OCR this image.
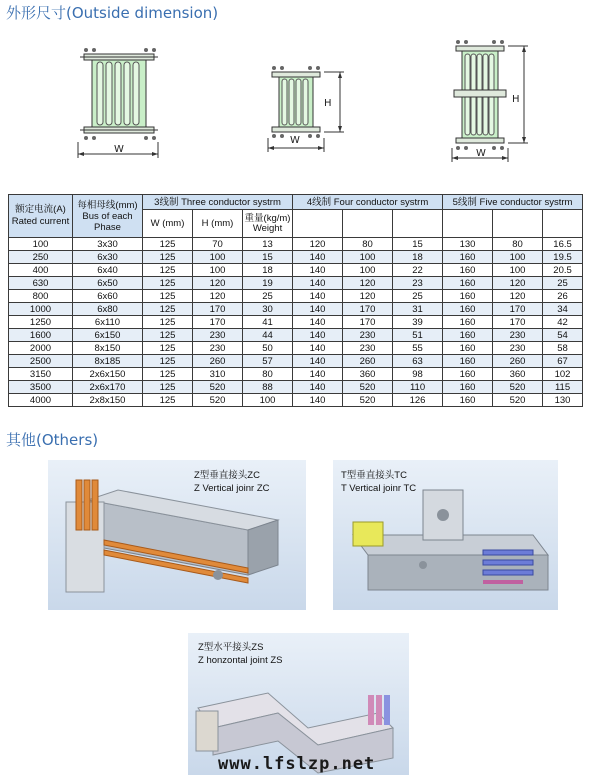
外形尺寸(Outside dimension)
W
H
W
H
W
额定电流(A)
Rated current	每相母线(mm)
Bus of each Phase	3线制 Three conductor systrm			4线制 Four conductor systrm			5线制 Five conductor systrm		
		W (mm)	H (mm)	重量(kg/m) Weight						
100	3x30	125	70	13	120	80	15	130	80	16.5
250	6x30	125	100	15	140	100	18	160	100	19.5
400	6x40	125	100	18	140	100	22	160	100	20.5
630	6x50	125	120	19	140	120	23	160	120	25
800	6x60	125	120	25	140	120	25	160	120	26
1000	6x80	125	170	30	140	170	31	160	170	34
1250	6x110	125	170	41	140	170	39	160	170	42
1600	6x150	125	230	44	140	230	51	160	230	54
2000	8x150	125	230	50	140	230	55	160	230	58
2500	8x185	125	260	57	140	260	63	160	260	67
3150	2x6x150	125	310	80	140	360	98	160	360	102
3500	2x6x170	125	520	88	140	520	110	160	520	115
4000	2x8x150	125	520	100	140	520	126	160	520	130
其他(Others)
Z型垂直接头ZC
Z Vertical joinr ZC
T型垂直接头TC
T Vertical joinr TC
Z型水平接头ZS
Z honzontal joint ZS
www.lfslzp.net
